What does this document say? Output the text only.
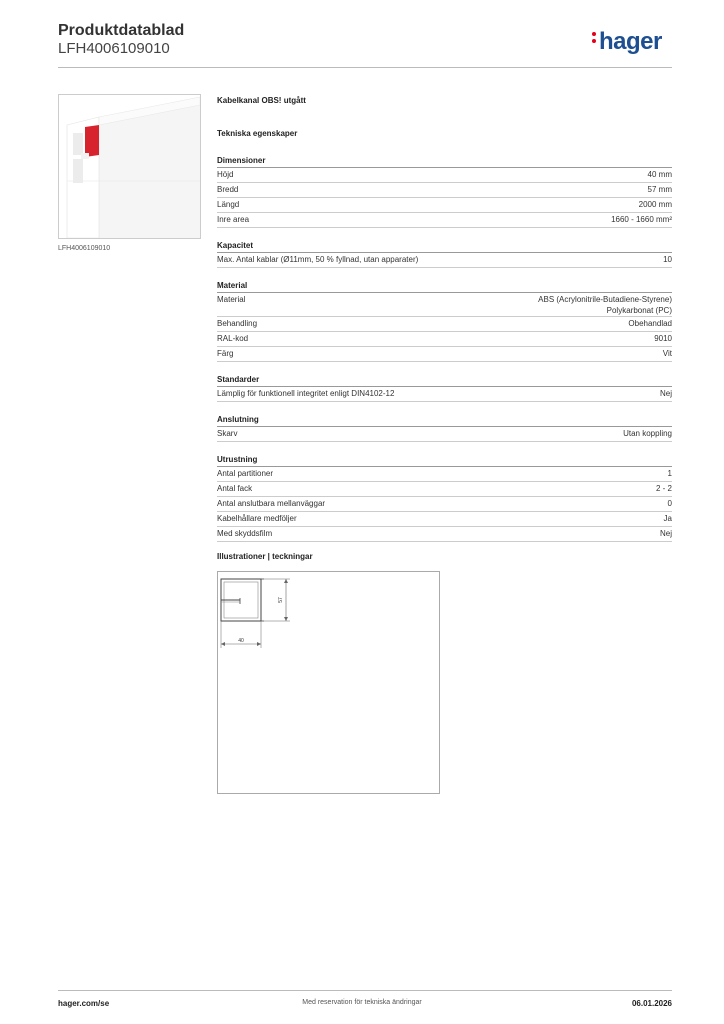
Produktdatablad
LFH4006109010	hager
LFH4006109010
Kabelkanal OBS! utgått
Tekniska egenskaper
Dimensioner
Höjd	40 mm
Bredd	57 mm
Längd	2000 mm
Inre area	1660 - 1660 mm²
Kapacitet
Max. Antal kablar (Ø11mm, 50 % fyllnad, utan apparater)	10
Material
Material	ABS (Acrylonitrile-Butadiene-Styrene)
Polykarbonat (PC)
Behandling	Obehandlad
RAL-kod	9010
Färg	Vit
Standarder
Lämplig för funktionell integritet enligt DIN4102-12	Nej
Anslutning
Skarv	Utan koppling
Utrustning
Antal partitioner	1
Antal fack	2 - 2
Antal anslutbara mellanväggar	0
Kabelhållare medföljer	Ja
Med skyddsfilm	Nej
Illustrationer | teckningar
57
40
hager.com/se	Med reservation för tekniska ändringar	06.01.2026
